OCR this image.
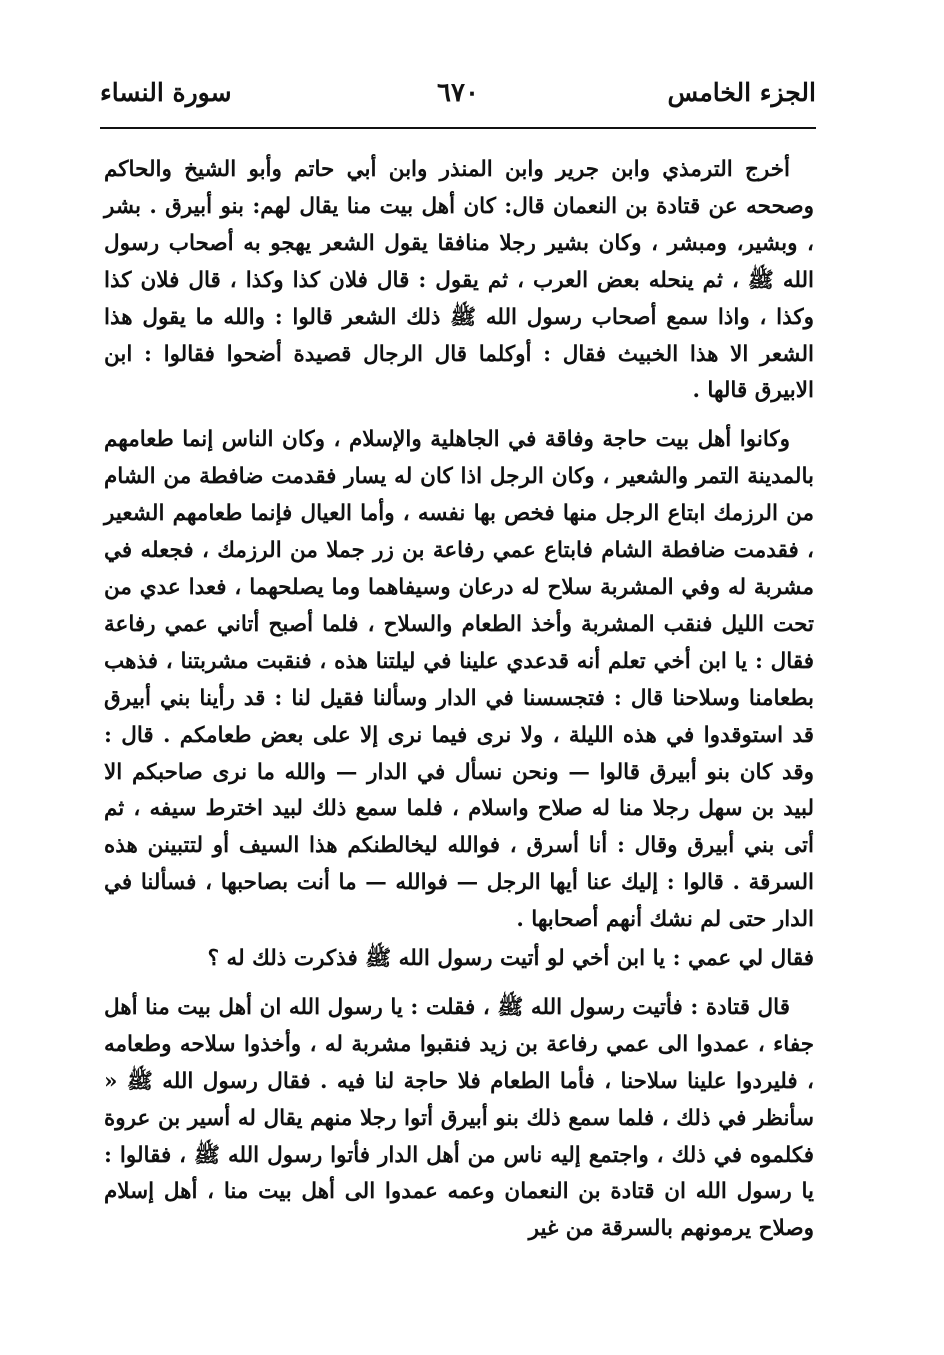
الجزء الخامس
٦٧٠
سورة النساء

أخرج الترمذي وابن جرير وابن المنذر وابن أبي حاتم وأبو الشيخ والحاكم وصححه عن قتادة بن النعمان قال: كان أهل بيت منا يقال لهم: بنو أبيرق . بشر ، وبشير، ومبشر ، وكان بشير رجلا منافقا يقول الشعر يهجو به أصحاب رسول الله ﷺ ، ثم ينحله بعض العرب ، ثم يقول : قال فلان كذا وكذا ، قال فلان كذا وكذا ، واذا سمع أصحاب رسول الله ﷺ ذلك الشعر قالوا : والله ما يقول هذا الشعر الا هذا الخبيث فقال : أوكلما قال الرجال قصيدة أضحوا فقالوا : ابن الابيرق قالها .

وكانوا أهل بيت حاجة وفاقة في الجاهلية والإسلام ، وكان الناس إنما طعامهم بالمدينة التمر والشعير ، وكان الرجل اذا كان له يسار فقدمت ضافطة من الشام من الرزمك ابتاع الرجل منها فخص بها نفسه ، وأما العيال فإنما طعامهم الشعير ، فقدمت ضافطة الشام فابتاع عمي رفاعة بن زر جملا من الرزمك ، فجعله في مشربة له وفي المشربة سلاح له درعان وسيفاهما وما يصلحهما ، فعدا عدي من تحت الليل فنقب المشربة وأخذ الطعام والسلاح ، فلما أصبح أتاني عمي رفاعة فقال : يا ابن أخي تعلم أنه قدعدي علينا في ليلتنا هذه ، فنقبت مشربتنا ، فذهب بطعامنا وسلاحنا قال : فتجسسنا في الدار وسألنا فقيل لنا : قد رأينا بني أبيرق قد استوقدوا في هذه الليلة ، ولا نرى فيما نرى إلا على بعض طعامكم . قال : وقد كان بنو أبيرق قالوا — ونحن نسأل في الدار — والله ما نرى صاحبكم الا لبيد بن سهل رجلا منا له صلاح واسلام ، فلما سمع ذلك لبيد اخترط سيفه ، ثم أتى بني أبيرق وقال : أنا أسرق ، فوالله ليخالطنكم هذا السيف أو لتتبينن هذه السرقة . قالوا : إليك عنا أيها الرجل — فوالله — ما أنت بصاحبها ، فسألنا في الدار حتى لم نشك أنهم أصحابها .

فقال لي عمي : يا ابن أخي لو أتيت رسول الله ﷺ فذكرت ذلك له ؟

قال قتادة : فأتيت رسول الله ﷺ ، فقلت : يا رسول الله ان أهل بيت منا أهل جفاء ، عمدوا الى عمي رفاعة بن زيد فنقبوا مشربة له ، وأخذوا سلاحه وطعامه ، فليردوا علينا سلاحنا ، فأما الطعام فلا حاجة لنا فيه . فقال رسول الله ﷺ « سأنظر في ذلك ، فلما سمع ذلك بنو أبيرق أتوا رجلا منهم يقال له أسير بن عروة فكلموه في ذلك ، واجتمع إليه ناس من أهل الدار فأتوا رسول الله ﷺ ، فقالوا : يا رسول الله ان قتادة بن النعمان وعمه عمدوا الى أهل بيت منا ، أهل إسلام وصلاح يرمونهم بالسرقة من غير
